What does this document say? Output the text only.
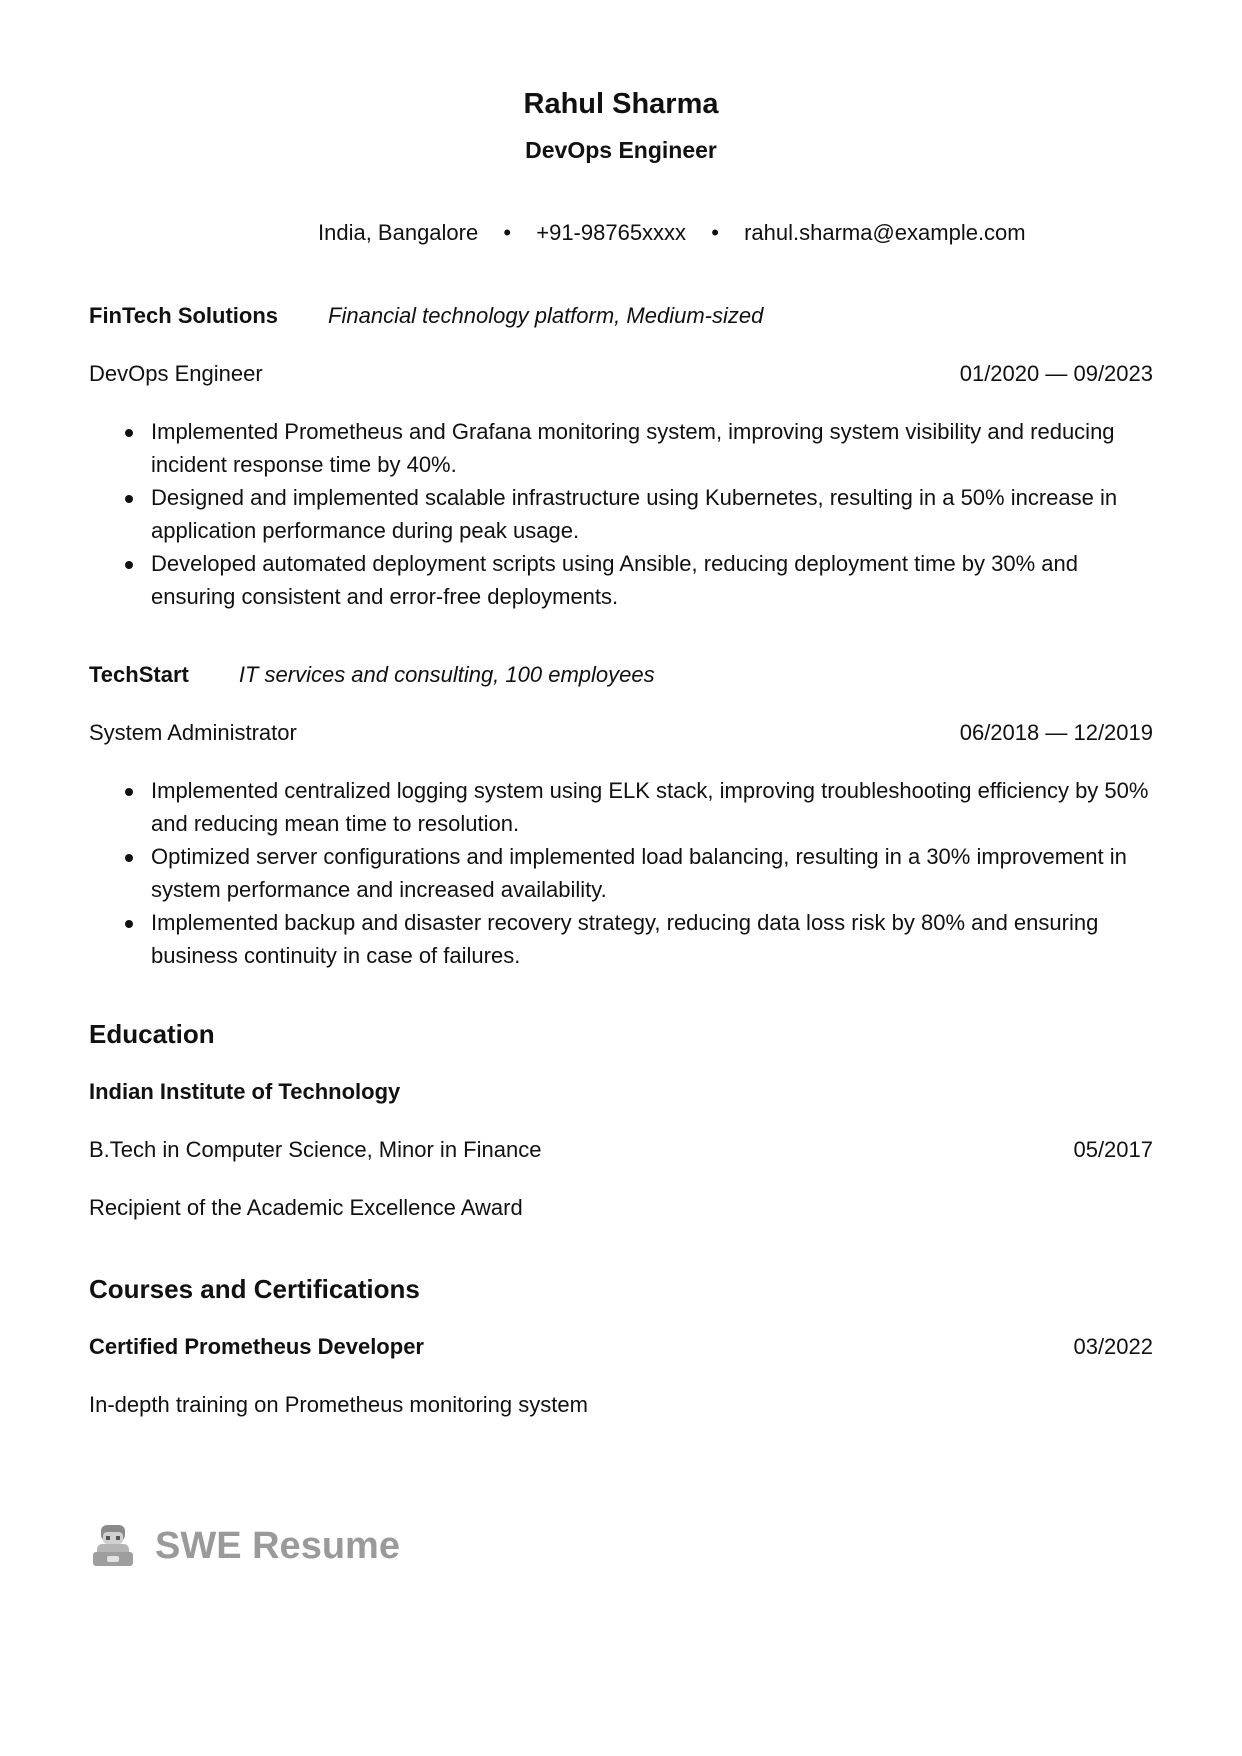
Rahul Sharma
DevOps Engineer
India, Bangalore • +91-98765xxxx • rahul.sharma@example.com
FinTech Solutions Financial technology platform, Medium-sized
DevOps Engineer	01/2020 — 09/2023
Implemented Prometheus and Grafana monitoring system, improving system visibility and reducing incident response time by 40%.
Designed and implemented scalable infrastructure using Kubernetes, resulting in a 50% increase in application performance during peak usage.
Developed automated deployment scripts using Ansible, reducing deployment time by 30% and ensuring consistent and error-free deployments.
TechStart IT services and consulting, 100 employees
System Administrator	06/2018 — 12/2019
Implemented centralized logging system using ELK stack, improving troubleshooting efficiency by 50% and reducing mean time to resolution.
Optimized server configurations and implemented load balancing, resulting in a 30% improvement in system performance and increased availability.
Implemented backup and disaster recovery strategy, reducing data loss risk by 80% and ensuring business continuity in case of failures.
Education
Indian Institute of Technology
B.Tech in Computer Science, Minor in Finance	05/2017
Recipient of the Academic Excellence Award
Courses and Certifications
Certified Prometheus Developer	03/2022
In-depth training on Prometheus monitoring system
SWE Resume
